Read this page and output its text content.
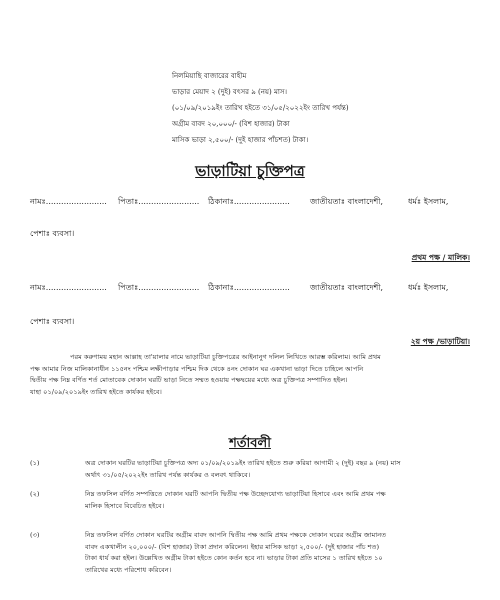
নিলমিয়াছি বাজারের বাহীম
ভাড়ার মেয়াদ ২ (দুই) বৎসর ৯ (নয়) মাস।
(০১/০৯/২০১৯ইং তারিখ হইতে ৩১/০৫/২০২২ইং তারিখ পর্যন্ত)
অগ্রীম বাবদ ২০,০০০/- (বিশ হাজার) টাকা
মাসিক ভাড়া ২,৫০০/- (দুই হাজার পাঁচশত) টাকা।
ভাড়াটিয়া চুক্তিপত্র
নামঃ........................ পিতাঃ........................ ঠিকানাঃ......................	জাতীয়তাঃ বাংলাদেশী,	ধর্মঃ ইসলাম,
পেশাঃ ব্যবসা।
প্রথম পক্ষ / মালিক।
নামঃ........................ পিতাঃ........................ ঠিকানাঃ......................	জাতীয়তাঃ বাংলাদেশী,	ধর্মঃ ইসলাম,
পেশাঃ ব্যবসা।
২য় পক্ষ /ভাড়াটিয়া।
পরম করুণাময় মহান আল্লাহ তা'য়ালার নামে ভাড়াটিয়া চুক্তিপত্রের আইনানুগ দলিল লিখিতে আরম্ভ করিলাম। আমি প্রথম
পক্ষ আমার নিজ মালিকানাধীন ১১৫নং পশ্চিম লক্ষীপাড়ার পশ্চিম দিক থেকে ৪নং দোকান ঘর একখানা ভাড়া দিতে চাহিলে আপনি
দ্বিতীয় পক্ষ নিম্ন বর্ণিত শর্ত মোতাবেক দোকান ঘরটি ভাড়া নিতে সম্মত হওয়ায় পক্ষদ্বয়ের মধ্যে অত্র চুক্তিপত্র সম্পাদিত হইল।
যাহা ০১/০৯/২০১৯ইং তারিখ হইতে কার্যকর হইবে।
শর্তাবলী
(১)	অত্র দোকান ঘরটির ভাড়াটিয়া চুক্তিপত্র অদ্য ০১/০৯/২০১৯ইং তারিখ হইতে শুরু করিয়া আগামী ২ (দুই) বছর ৯ (নয়) মাস
অর্থাৎ ৩১/০৫/২০২২ইং তারিখ পর্যন্ত কার্যকর ও বলবৎ থাকিবে।
(২)	নিম্ন তফসিল বর্ণিত সম্পত্তিতে দোকান ঘরটি আপনি দ্বিতীয় পক্ষ উচ্ছেদযোগ্য ভাড়াটিয়া হিসাবে এবং আমি প্রথম পক্ষ
মালিক হিসাবে বিবেচিত হইবে।
(৩)	নিম্ন তফসিল বর্ণিত দোকান ঘরটির অগ্রীম বাবদ আপনি দ্বিতীয় পক্ষ আমি প্রথম পক্ষকে দোকান ঘরের অগ্রীম জামানত
বাবদ একখালীন ২০,০০০/- (বিশ হাজার) টাকা প্রদান করিলেন। ইহার মাসিক ভাড়া ২,৫০০/- (দুই হাজার পাঁচ শত)
টাকা ধার্য করা হইল। উল্লেখিত অগ্রীম টাকা হইতে কোন কর্তন হবে না। ভাড়ার টাকা প্রতি মাসের ১ তারিখ হইতে ১০
তারিখের মধ্যে পরিশোধ করিবেন।
